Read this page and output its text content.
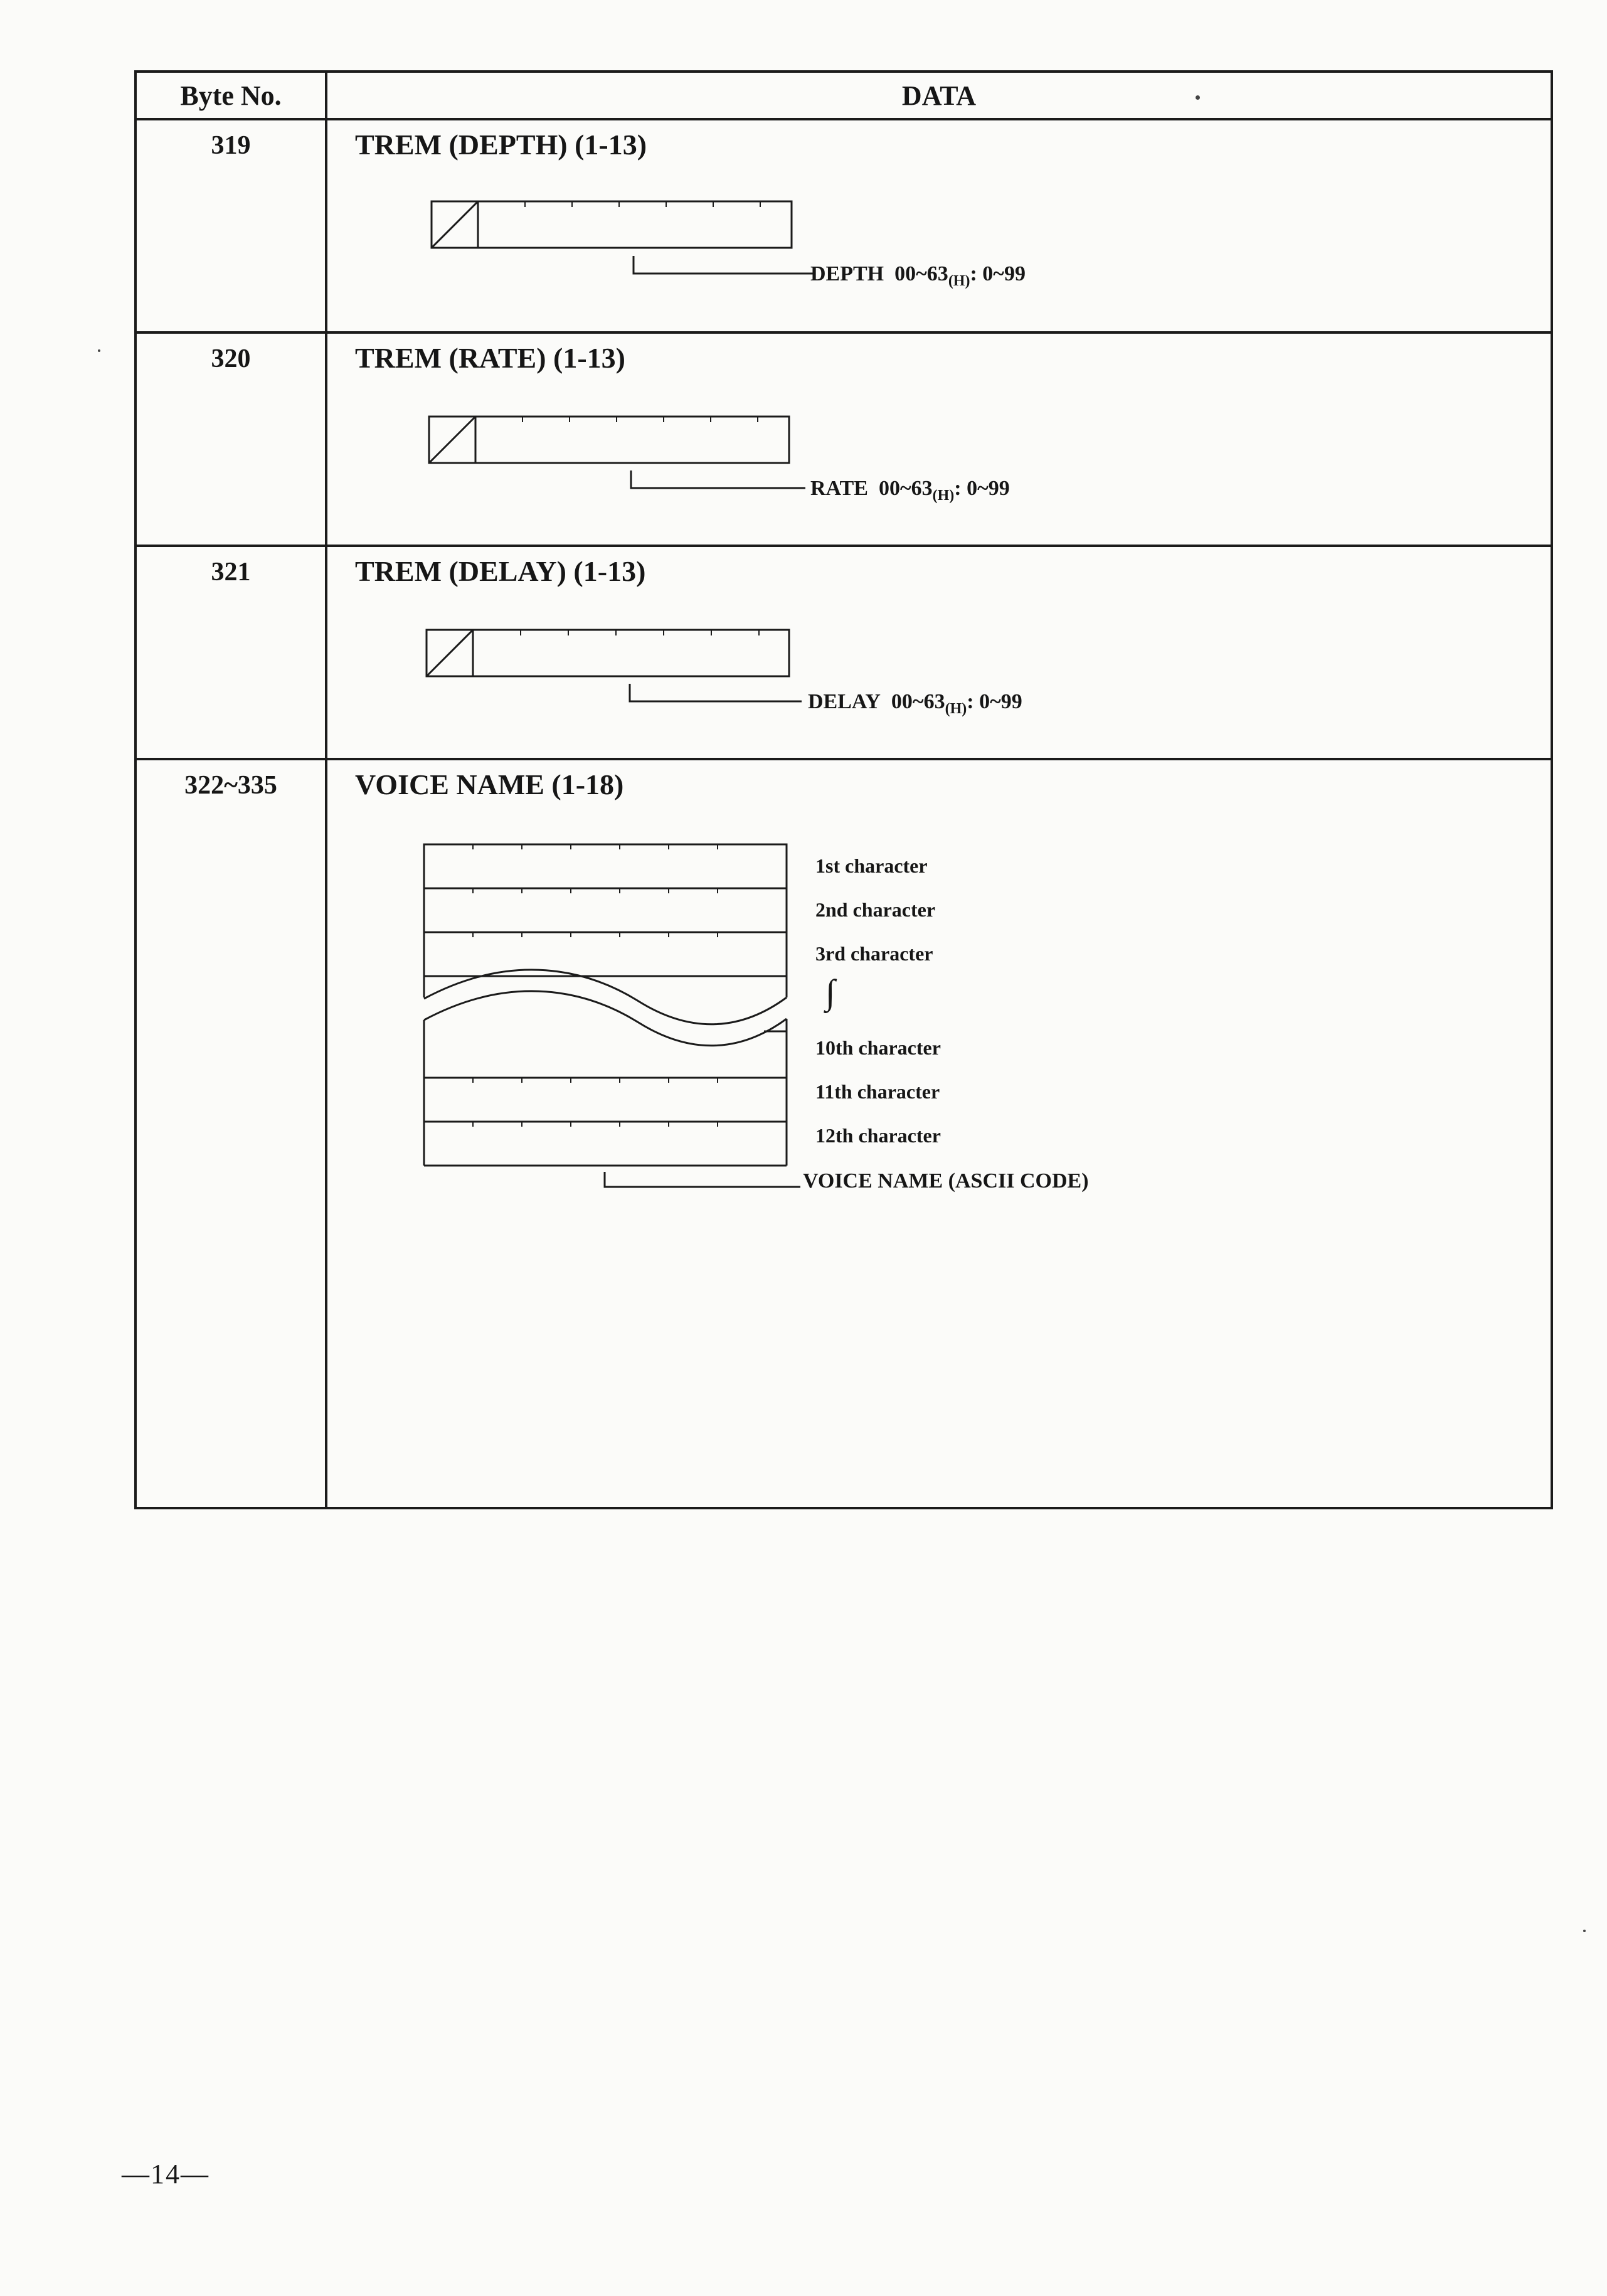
Byte No.	DATA
319
320
321
322~335
TREM (DEPTH) (1-13)
TREM (RATE) (1-13)
TREM (DELAY) (1-13)
VOICE NAME (1-18)
DEPTH $00\sim 63_{(H)}$: 0~99
RATE $00\sim 63_{(H)}$: 0~99
DELAY $00\sim 63_{(H)}$: 0~99
1st character
2nd character
3rd character
∫
10th character
11th character
12th character
VOICE NAME (ASCII CODE)
—14—
